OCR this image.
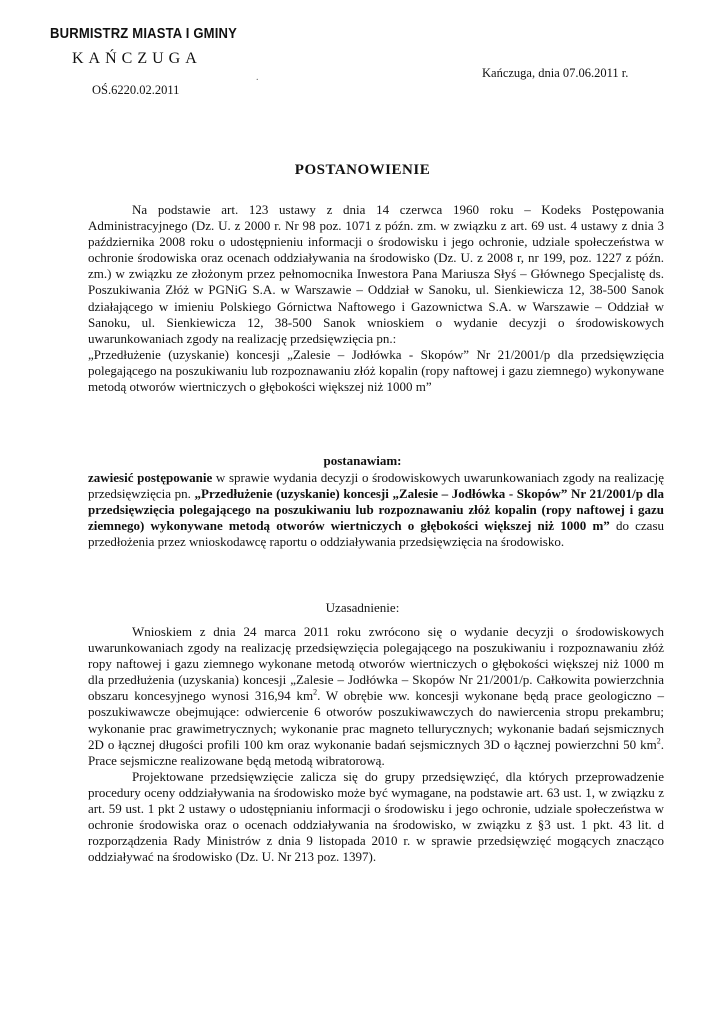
BURMISTRZ MIASTA I GMINY
KAŃCZUGA
OŚ.6220.02.2011
.	Kańczuga, dnia 07.06.2011 r.
POSTANOWIENIE

Na podstawie art. 123 ustawy z dnia 14 czerwca 1960 roku – Kodeks Postępowania Administracyjnego (Dz. U. z 2000 r. Nr 98 poz. 1071 z późn. zm. w związku z art. 69 ust. 4 ustawy z dnia 3 października 2008 roku o udostępnieniu informacji o środowisku i jego ochronie, udziale społeczeństwa w ochronie środowiska oraz ocenach oddziaływania na środowisko (Dz. U. z 2008 r, nr 199, poz. 1227 z późn. zm.) w związku ze złożonym przez pełnomocnika Inwestora Pana Mariusza Słyś – Głównego Specjalistę ds. Poszukiwania Złóż w PGNiG S.A. w Warszawie – Oddział w Sanoku, ul. Sienkiewicza 12, 38-500 Sanok działającego w imieniu Polskiego Górnictwa Naftowego i Gazownictwa S.A. w Warszawie – Oddział w Sanoku, ul. Sienkiewicza 12, 38-500 Sanok wnioskiem o wydanie decyzji o środowiskowych uwarunkowaniach zgody na realizację przedsięwzięcia pn.:

„Przedłużenie (uzyskanie) koncesji „Zalesie – Jodłówka - Skopów” Nr 21/2001/p dla przedsięwzięcia polegającego na poszukiwaniu lub rozpoznawaniu złóż kopalin (ropy naftowej i gazu ziemnego) wykonywane metodą otworów wiertniczych o głębokości większej niż 1000 m”

postanawiam:

zawiesić postępowanie w sprawie wydania decyzji o środowiskowych uwarunkowaniach zgody na realizację przedsięwzięcia pn. „Przedłużenie (uzyskanie) koncesji „Zalesie – Jodłówka - Skopów” Nr 21/2001/p dla przedsięwzięcia polegającego na poszukiwaniu lub rozpoznawaniu złóż kopalin (ropy naftowej i gazu ziemnego) wykonywane metodą otworów wiertniczych o głębokości większej niż 1000 m” do czasu przedłożenia przez wnioskodawcę raportu o oddziaływania przedsięwzięcia na środowisko.

Uzasadnienie:

Wnioskiem z dnia 24 marca 2011 roku zwrócono się o wydanie decyzji o środowiskowych uwarunkowaniach zgody na realizację przedsięwzięcia polegającego na poszukiwaniu i rozpoznawaniu złóż ropy naftowej i gazu ziemnego wykonane metodą otworów wiertniczych o głębokości większej niż 1000 m dla przedłużenia (uzyskania) koncesji „Zalesie – Jodłówka – Skopów Nr 21/2001/p. Całkowita powierzchnia obszaru koncesyjnego wynosi 316,94 $km^2$. W obrębie ww. koncesji wykonane będą prace geologiczno – poszukiwawcze obejmujące: odwiercenie 6 otworów poszukiwawczych do nawiercenia stropu prekambru; wykonanie prac grawimetrycznych; wykonanie prac magneto tellurycznych; wykonanie badań sejsmicznych 2D o łącznej długości profili 100 km oraz wykonanie badań sejsmicznych 3D o łącznej powierzchni 50 $km^2$. Prace sejsmiczne realizowane będą metodą wibratorową.

Projektowane przedsięwzięcie zalicza się do grupy przedsięwzięć, dla których przeprowadzenie procedury oceny oddziaływania na środowisko może być wymagane, na podstawie art. 63 ust. 1, w związku z art. 59 ust. 1 pkt 2 ustawy o udostępnianiu informacji o środowisku i jego ochronie, udziale społeczeństwa w ochronie środowiska oraz o ocenach oddziaływania na środowisko, w związku z §3 ust. 1 pkt. 43 lit. d rozporządzenia Rady Ministrów z dnia 9 listopada 2010 r. w sprawie przedsięwzięć mogących znacząco oddziaływać na środowisko (Dz. U. Nr 213 poz. 1397).
